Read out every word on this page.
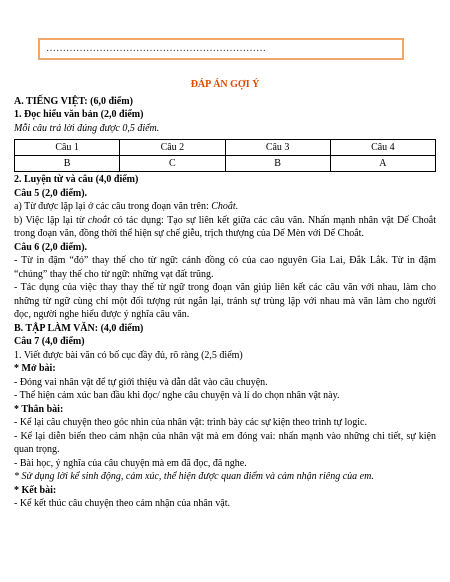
…………………………………………………………

ĐÁP ÁN GỢI Ý

A. TIẾNG VIỆT: (6,0 điểm)

1. Đọc hiểu văn bản (2,0 điểm)

Mỗi câu trả lời đúng được 0,5 điểm.

Câu 1	Câu 2	Câu 3	Câu 4
B	C	B	A

2. Luyện từ và câu (4,0 điểm)

Câu 5 (2,0 điểm).

a) Từ được lặp lại ở các câu trong đoạn văn trên: Choắt.

b) Việc lặp lại từ choắt có tác dụng: Tạo sự liên kết giữa các câu văn. Nhấn mạnh nhân vật Dế Choắt trong đoạn văn, đồng thời thể hiện sự chế giễu, trịch thượng của Dế Mèn với Dế Choắt.

Câu 6 (2,0 điểm).

- Từ in đậm “đó” thay thế cho từ ngữ: cánh đồng cỏ của cao nguyên Gia Lai, Đắk Lắk. Từ in đậm “chúng” thay thế cho từ ngữ: những vạt đất trũng.

- Tác dụng của việc thay thay thế từ ngữ trong đoạn văn giúp liên kết các câu văn với nhau, làm cho những từ ngữ cùng chỉ một đối tượng rút ngắn lại, tránh sự trùng lặp với nhau mà văn làm cho người đọc, người nghe hiểu được ý nghĩa câu văn.

B. TẬP LÀM VĂN: (4,0 điểm)

Câu 7 (4,0 điểm)

1. Viết được bài văn có bố cục đầy đủ, rõ ràng (2,5 điểm)

* Mở bài:

- Đóng vai nhân vật để tự giới thiệu và dẫn dắt vào câu chuyện.

- Thể hiện cảm xúc ban đầu khi đọc/ nghe câu chuyện và lí do chọn nhân vật này.

* Thân bài:

- Kể lại câu chuyện theo góc nhìn của nhân vật: trình bày các sự kiện theo trình tự logic.

- Kể lại diễn biến theo cảm nhận của nhân vật mà em đóng vai: nhấn mạnh vào những chi tiết, sự kiện quan trọng.

- Bài học, ý nghĩa của câu chuyện mà em đã đọc, đã nghe.

* Sử dụng lời kể sinh động, cảm xúc, thể hiện được quan điểm và cảm nhận riêng của em.

* Kết bài:

- Kể kết thúc câu chuyện theo cảm nhận của nhân vật.
